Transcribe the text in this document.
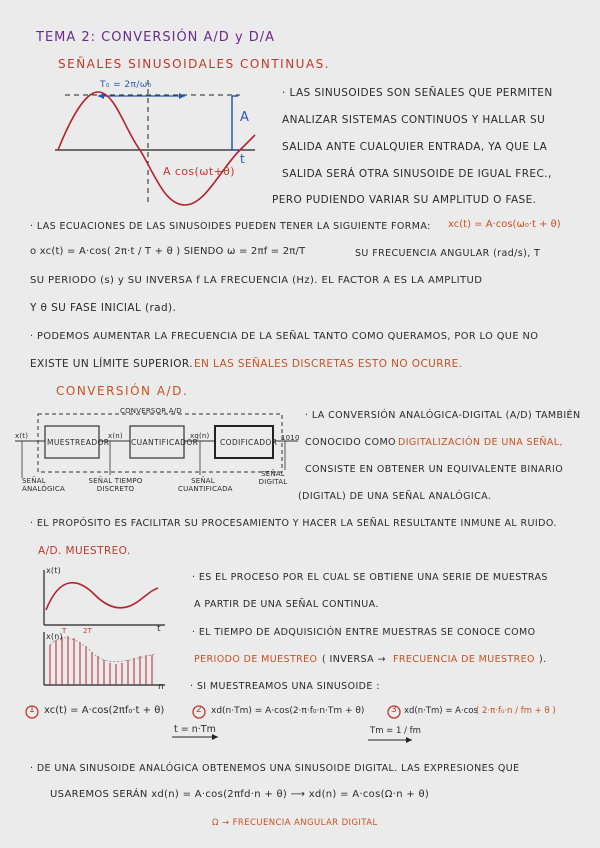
TEMA 2: CONVERSIÓN A/D y D/A
SEÑALES SINUSOIDALES CONTINUAS.
T₀ = 2π/ω₀
A
t
A cos(ωt+θ)
· LAS SINUSOIDES SON SEÑALES QUE PERMITEN
ANALIZAR SISTEMAS CONTINUOS Y HALLAR SU
SALIDA ANTE CUALQUIER ENTRADA, YA QUE LA
SALIDA SERÁ OTRA SINUSOIDE DE IGUAL FREC.,
PERO PUDIENDO VARIAR SU AMPLITUD O FASE.
· LAS ECUACIONES DE LAS SINUSOIDES PUEDEN TENER LA SIGUIENTE FORMA: xc(t) = A·cos(ω₀·t + θ)
o xc(t) = A·cos( 2π·t / T + θ ) SIENDO ω = 2πf = 2π/T	SU FRECUENCIA ANGULAR (rad/s), T
SU PERIODO (s) y SU INVERSA f LA FRECUENCIA (Hz). EL FACTOR A ES LA AMPLITUD
Y θ SU FASE INICIAL (rad).
· PODEMOS AUMENTAR LA FRECUENCIA DE LA SEÑAL TANTO COMO QUERAMOS, POR LO QUE NO
EXISTE UN LÍMITE SUPERIOR. EN LAS SEÑALES DISCRETAS ESTO NO OCURRE.
CONVERSIÓN A/D.
CONVERSOR A/D
MUESTREADOR	CUANTIFICADOR	CODIFICADOR
x(t)	x(n)	xq(n)	1010
SEÑAL ANALÓGICA
SEÑAL TIEMPO DISCRETO
SEÑAL CUANTIFICADA
SEÑAL DIGITAL
· LA CONVERSIÓN ANALÓGICA-DIGITAL (A/D) TAMBIÉN
CONOCIDO COMO DIGITALIZACIÓN DE UNA SEÑAL,
CONSISTE EN OBTENER UN EQUIVALENTE BINARIO
(DIGITAL) DE UNA SEÑAL ANALÓGICA.
· EL PROPÓSITO ES FACILITAR SU PROCESAMIENTO Y HACER LA SEÑAL RESULTANTE INMUNE AL RUIDO.
A/D. MUESTREO.
x(t)
t
x(n)
T 2T
n
· ES EL PROCESO POR EL CUAL SE OBTIENE UNA SERIE DE MUESTRAS
A PARTIR DE UNA SEÑAL CONTINUA.
· EL TIEMPO DE ADQUISICIÓN ENTRE MUESTRAS SE CONOCE COMO
PERIODO DE MUESTREO ( INVERSA → FRECUENCIA DE MUESTREO ).
· SI MUESTREAMOS UNA SINUSOIDE :
1	2	3
xc(t) = A·cos(2πf₀·t + θ)
t = n·Tm
xd(n·Tm) = A·cos(2·π·f₀·n·Tm + θ)	xd(n·Tm) = A·cos
( 2·π·f₀·n / fm + θ )
Tm = 1 / fm
· DE UNA SINUSOIDE ANALÓGICA OBTENEMOS UNA SINUSOIDE DIGITAL. LAS EXPRESIONES QUE
USAREMOS SERÁN xd(n) = A·cos(2πfd·n + θ) ⟶ xd(n) = A·cos(Ω·n + θ)
Ω → FRECUENCIA ANGULAR DIGITAL
